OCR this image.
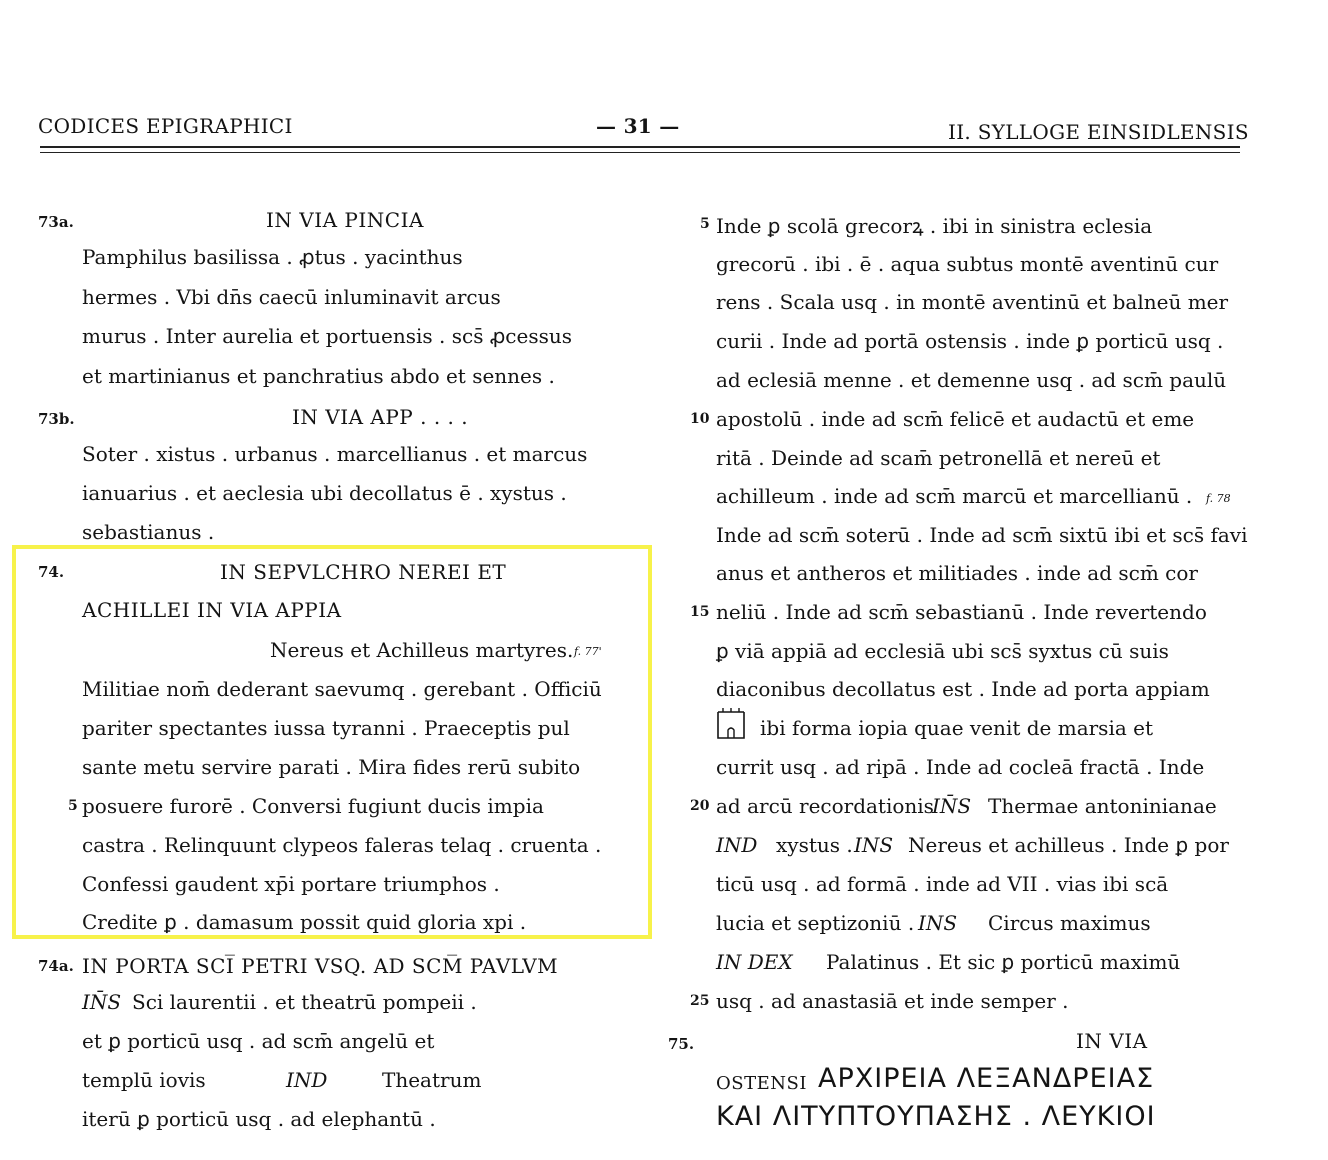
CODICES EPIGRAPHICI	— 31 —	II. SYLLOGE EINSIDLENSIS
73a.	IN VIA PINCIA
Pamphilus basilissa . ꝓtus . yacinthus
hermes . Vbi dn̄s caecū inluminavit arcus
murus . Inter aurelia et portuensis . scs̄ ꝓcessus
et martinianus et panchratius abdo et sennes .
73b.	IN VIA APP . . . .
Soter . xistus . urbanus . marcellianus . et marcus
ianuarius . et aeclesia ubi decollatus ē . xystus .
sebastianus .
74.	IN SEPVLCHRO NEREI ET
ACHILLEI IN VIA APPIA
Nereus et Achilleus martyres. f. 77'
Militiae nom̄ dederant saevumq . gerebant . Officiū
pariter spectantes iussa tyranni . Praeceptis pul
sante metu servire parati . Mira fides rerū subito
5 posuere furorē . Conversi fugiunt ducis impia
castra . Relinquunt clypeos faleras telaq . cruenta .
Confessi gaudent xp̄i portare triumphos .
Credite ꝑ . damasum possit quid gloria xpi .
74a. IN PORTA SCI̅ PETRI VSQ. AD SCM̅ PAVLVM
IN̄S Sci laurentii . et theatrū pompeii .
et ꝑ porticū usq . ad scm̄ angelū et
templū iovis	IND	Theatrum
iterū ꝑ porticū usq . ad elephantū .
5 Inde ꝑ scolā grecorꝝ . ibi in sinistra eclesia
grecorū . ibi . ē . aqua subtus montē aventinū cur
rens . Scala usq . in montē aventinū et balneū mer
curii . Inde ad portā ostensis . inde ꝑ porticū usq .
ad eclesiā menne . et demenne usq . ad scm̄ paulū
10 apostolū . inde ad scm̄ felicē et audactū et eme
ritā . Deinde ad scam̄ petronellā et nereū et
achilleum . inde ad scm̄ marcū et marcellianū . f. 78
Inde ad scm̄ soterū . Inde ad scm̄ sixtū ibi et scs̄ favi
anus et antheros et militiades . inde ad scm̄ cor
15 neliū . Inde ad scm̄ sebastianū . Inde revertendo
ꝑ viā appiā ad ecclesiā ubi scs̄ syxtus cū suis
diaconibus decollatus est . Inde ad porta appiam
ibi forma iopia quae venit de marsia et
currit usq . ad ripā . Inde ad cocleā fractā . Inde
20 ad arcū recordationis
IN̄S Thermae antoninianae
IND xystus . INS Nereus et achilleus . Inde ꝑ por
ticū usq . ad formā . inde ad VII . vias ibi scā
lucia et septizoniū . INS Circus maximus
IN DEX Palatinus . Et sic ꝑ porticū maximū
25 usq . ad anastasiā et inde semper .
75.	IN VIA
OSTENSI ΑΡΧΙΡΕΙΑ ΛΕΞΑΝΔΡΕΙΑΣ
ΚΑΙ ΛΙΤΥΠΤΟΥΠΑΣΗΣ . ΛΕΥΚΙΟΙ
